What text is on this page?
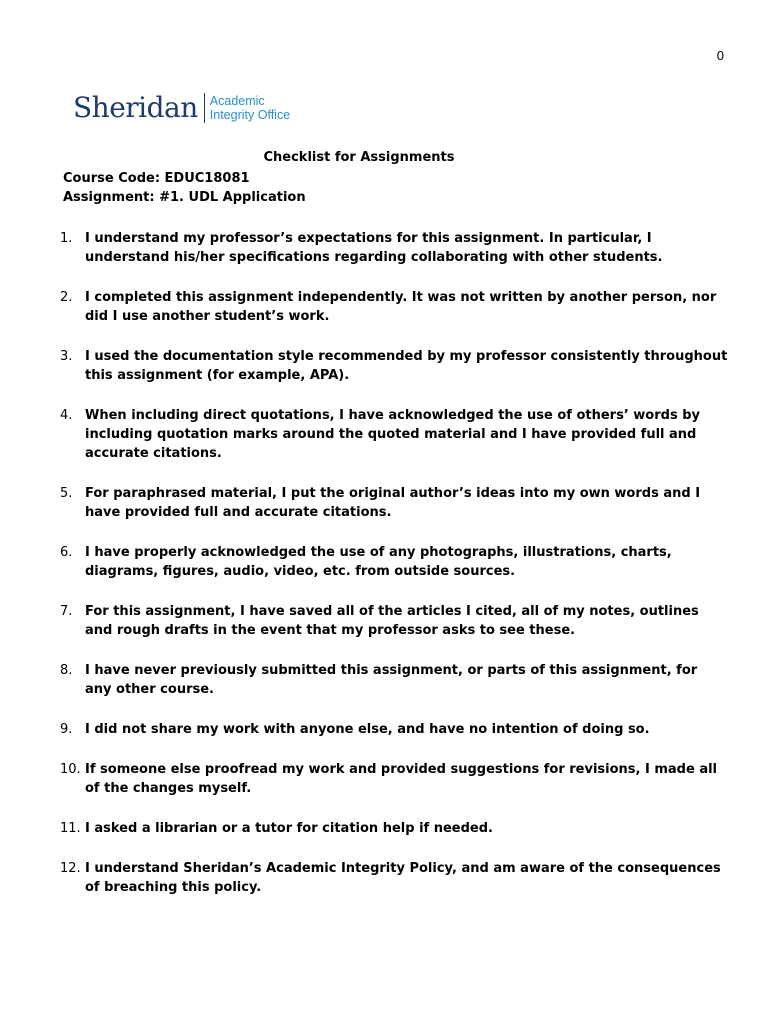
0
Sheridan Academic
Integrity Office
Checklist for Assignments
Course Code: EDUC18081
Assignment: #1. UDL Application
1. I understand my professor’s expectations for this assignment. In particular, I understand his/her specifications regarding collaborating with other students.
2. I completed this assignment independently. It was not written by another person, nor did I use another student’s work.
3. I used the documentation style recommended by my professor consistently throughout this assignment (for example, APA).
4. When including direct quotations, I have acknowledged the use of others’ words by including quotation marks around the quoted material and I have provided full and accurate citations.
5. For paraphrased material, I put the original author’s ideas into my own words and I have provided full and accurate citations.
6. I have properly acknowledged the use of any photographs, illustrations, charts, diagrams, figures, audio, video, etc. from outside sources.
7. For this assignment, I have saved all of the articles I cited, all of my notes, outlines and rough drafts in the event that my professor asks to see these.
8. I have never previously submitted this assignment, or parts of this assignment, for any other course.
9. I did not share my work with anyone else, and have no intention of doing so.
10. If someone else proofread my work and provided suggestions for revisions, I made all of the changes myself.
11. I asked a librarian or a tutor for citation help if needed.
12. I understand Sheridan’s Academic Integrity Policy, and am aware of the consequences of breaching this policy.
